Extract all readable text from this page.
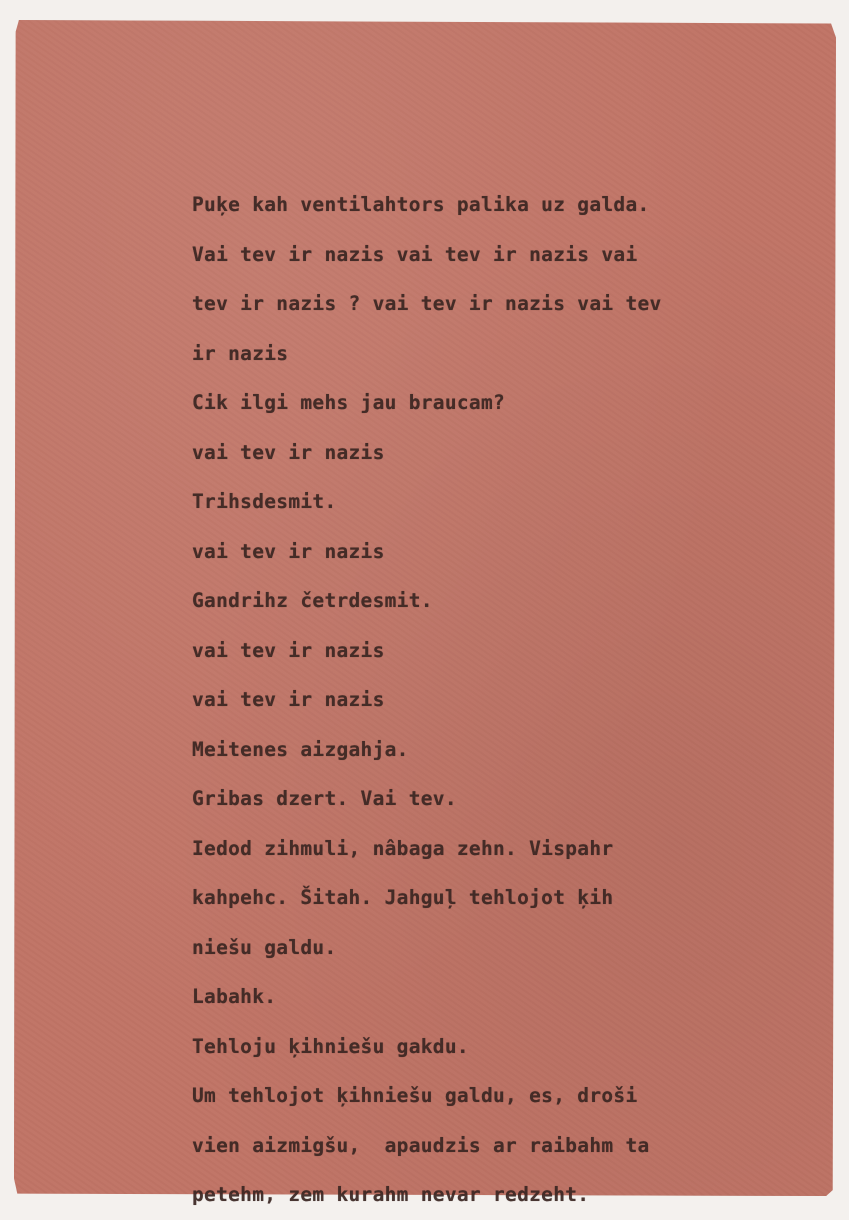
Puķe kah ventilahtors palika uz galda.
Vai tev ir nazis vai tev ir nazis vai
tev ir nazis ? vai tev ir nazis vai tev
ir nazis
Cik ilgi mehs jau braucam?
vai tev ir nazis
Trihsdesmit.
vai tev ir nazis
Gandrihz četrdesmit.
vai tev ir nazis
vai tev ir nazis
Meitenes aizgahja.
Gribas dzert. Vai tev.
Iedod zihmuli, nâbaga zehn. Vispahr
kahpehc. Šitah. Jahguļ tehlojot ķih
niešu galdu.
Labahk.
Tehloju ķihniešu gakdu.
Um tehlojot ķihniešu galdu, es, droši
vien aizmigšu,  apaudzis ar raibahm ta
petehm, zem kurahm nevar redzeht.
